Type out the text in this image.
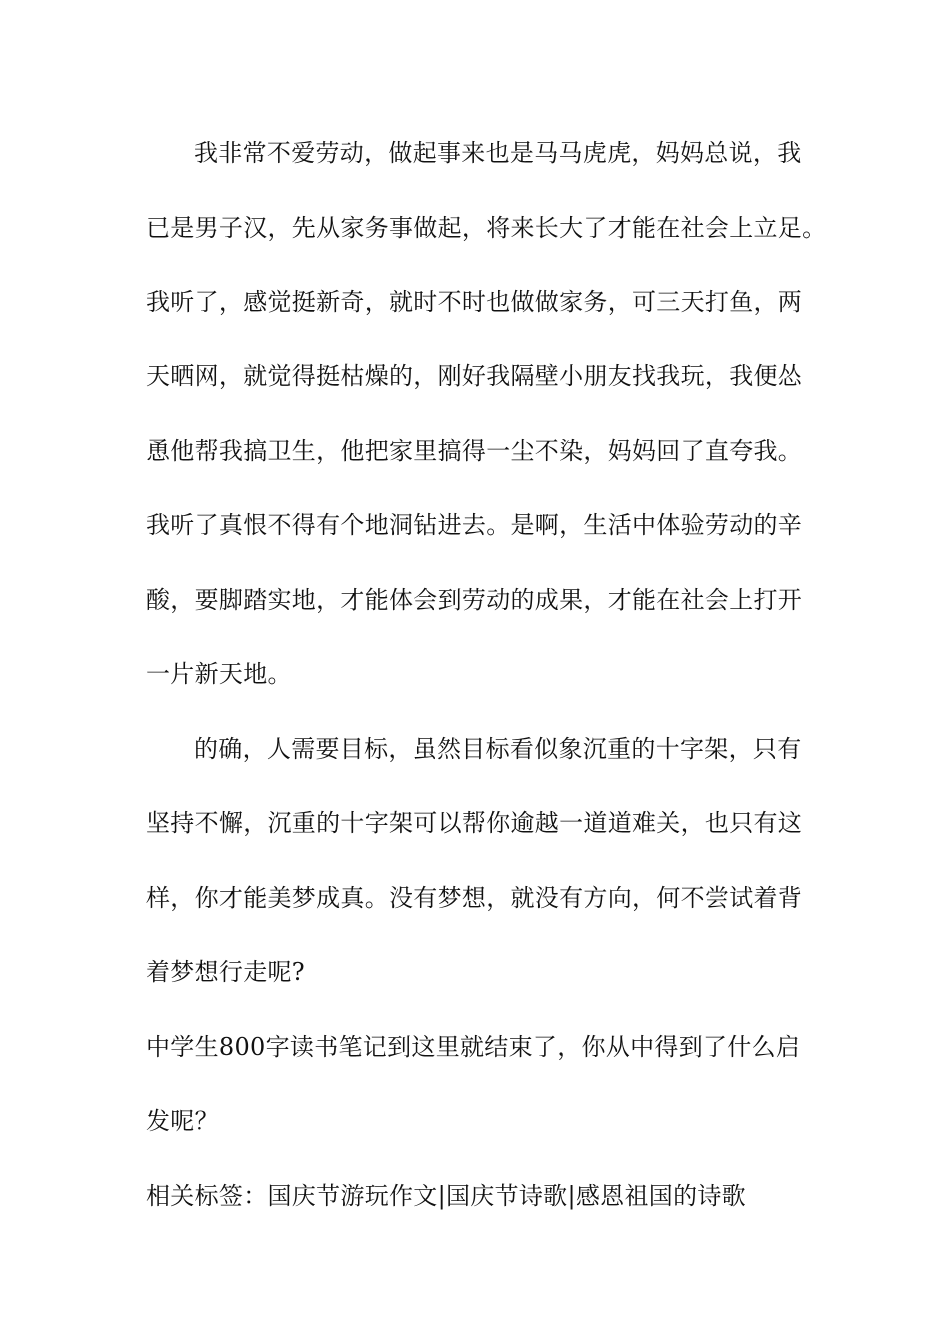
我非常不爱劳动，做起事来也是马马虎虎，妈妈总说，我
已是男子汉，先从家务事做起，将来长大了才能在社会上立足。
我听了，感觉挺新奇，就时不时也做做家务，可三天打鱼，两
天晒网，就觉得挺枯燥的，刚好我隔壁小朋友找我玩，我便怂
恿他帮我搞卫生，他把家里搞得一尘不染，妈妈回了直夸我。
我听了真恨不得有个地洞钻进去。是啊，生活中体验劳动的辛
酸，要脚踏实地，才能体会到劳动的成果，才能在社会上打开
一片新天地。
的确，人需要目标，虽然目标看似象沉重的十字架，只有
坚持不懈，沉重的十字架可以帮你逾越一道道难关，也只有这
样，你才能美梦成真。没有梦想，就没有方向，何不尝试着背
着梦想行走呢?
中学生800字读书笔记到这里就结束了，你从中得到了什么启
发呢？
相关标签：国庆节游玩作文|国庆节诗歌|感恩祖国的诗歌
